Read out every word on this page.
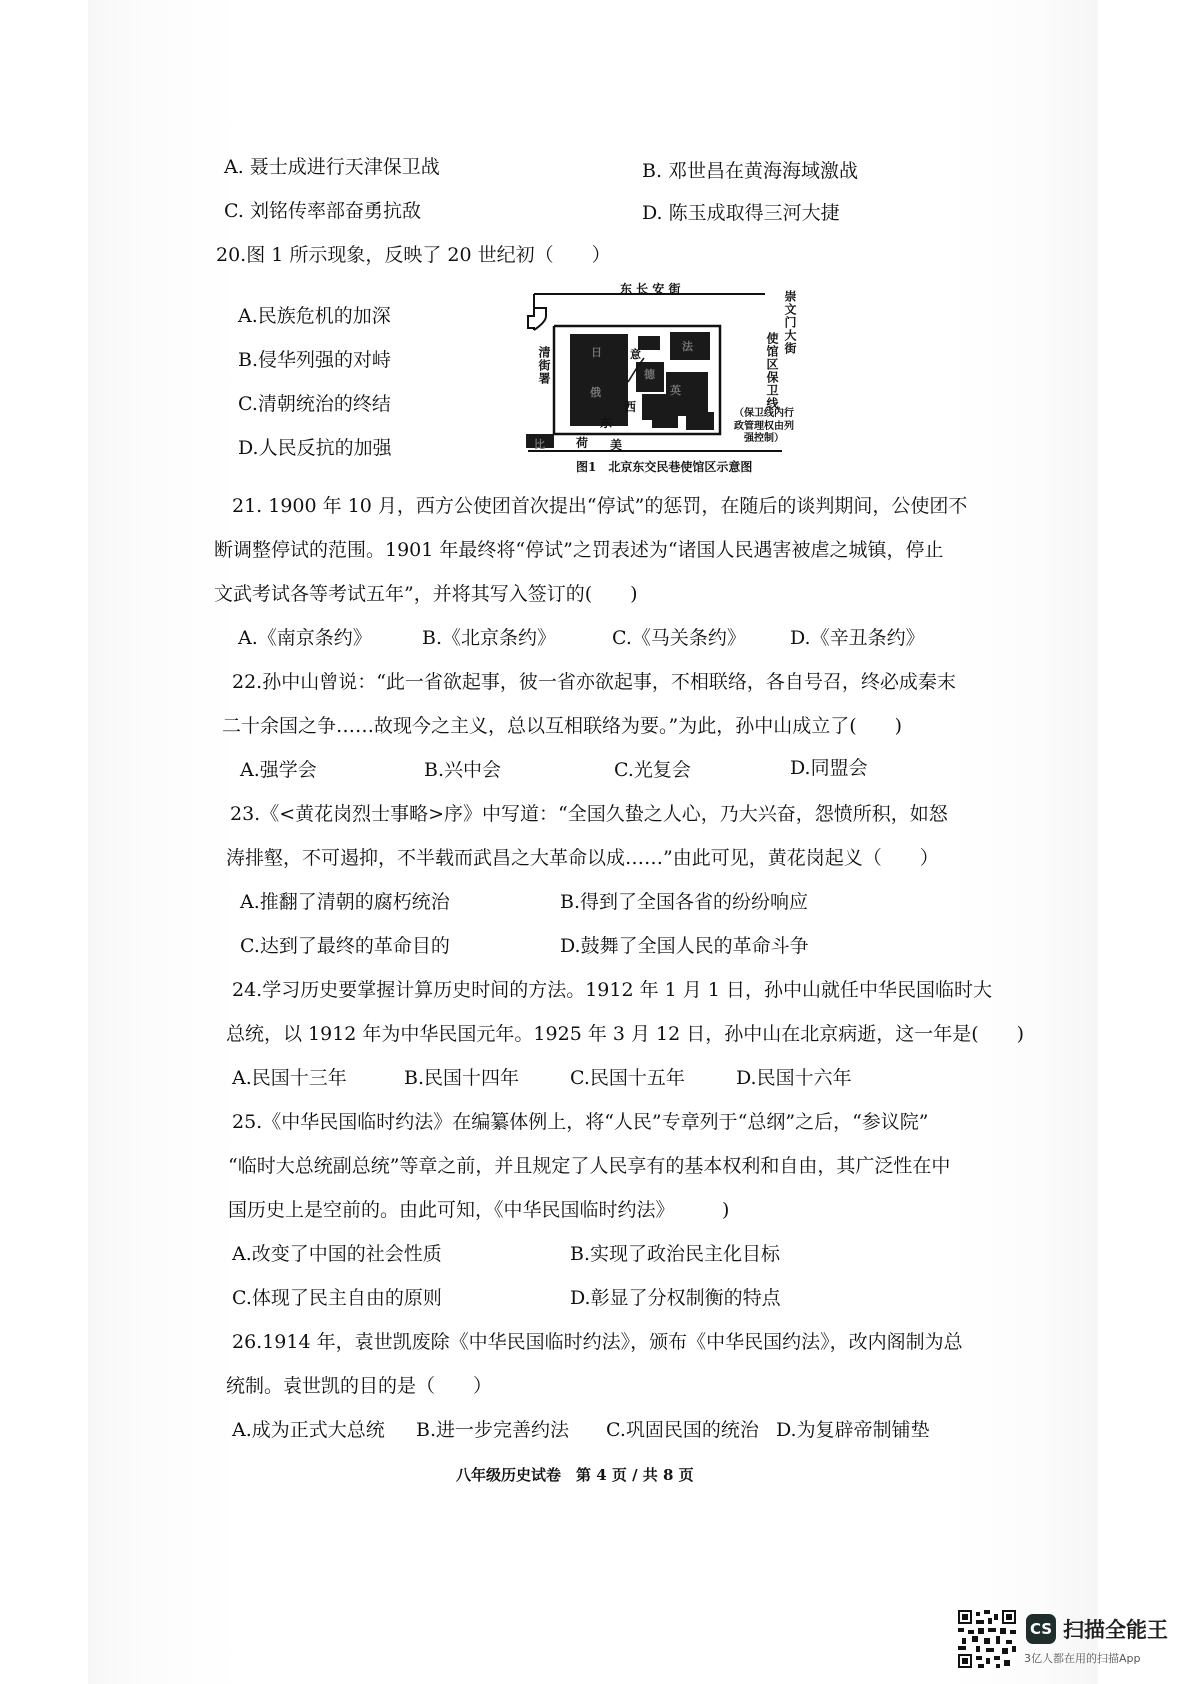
A. 聂士成进行天津保卫战	B. 邓世昌在黄海海域激战
C. 刘铭传率部奋勇抗敌	D. 陈玉成取得三河大捷
20.图 1 所示现象，反映了 20 世纪初（　　）
A.民族危机的加深
B.侵华列强的对峙
C.清朝统治的终结
D.人民反抗的加强
东 长 安 街
崇文门大街
使馆区保卫线
清街署	意
日
德
法
西
东
荷 美
英
俄
比
（保卫线内行政管理权由列强控制）
图1　北京东交民巷使馆区示意图
21. 1900 年 10 月，西方公使团首次提出“停试”的惩罚，在随后的谈判期间，公使团不
断调整停试的范围。1901 年最终将“停试”之罚表述为“诸国人民遇害被虐之城镇，停止
文武考试各等考试五年”，并将其写入签订的(　　)
A.《南京条约》	B.《北京条约》	C.《马关条约》 D.《辛丑条约》
22.孙中山曾说：“此一省欲起事，彼一省亦欲起事，不相联络，各自号召，终必成秦末
二十余国之争……故现今之主义，总以互相联络为要。”为此，孙中山成立了(　　)
A.强学会	B.兴中会	C.光复会	D.同盟会
23.《<黄花岗烈士事略>序》中写道：“全国久蛰之人心，乃大兴奋，怨愤所积，如怒
涛排壑，不可遏抑，不半载而武昌之大革命以成……”由此可见，黄花岗起义（　　）
A.推翻了清朝的腐朽统治	B.得到了全国各省的纷纷响应
C.达到了最终的革命目的	D.鼓舞了全国人民的革命斗争
24.学习历史要掌握计算历史时间的方法。1912 年 1 月 1 日，孙中山就任中华民国临时大
总统，以 1912 年为中华民国元年。1925 年 3 月 12 日，孙中山在北京病逝，这一年是(　　)
A.民国十三年	B.民国十四年	C.民国十五年	D.民国十六年
25.《中华民国临时约法》在编纂体例上，将“人民”专章列于“总纲”之后，“参议院”
“临时大总统副总统”等章之前，并且规定了人民享有的基本权利和自由，其广泛性在中
国历史上是空前的。由此可知，《中华民国临时约法》　　　)
A.改变了中国的社会性质	B.实现了政治民主化目标
C.体现了民主自由的原则	D.彰显了分权制衡的特点
26.1914 年，袁世凯废除《中华民国临时约法》，颁布《中华民国约法》，改内阁制为总
统制。袁世凯的目的是（　　）
A.成为正式大总统 B.进一步完善约法 C.巩固民国的统治 D.为复辟帝制铺垫
八年级历史试卷　第 4 页 / 共 8 页
CS 扫描全能王
3亿人都在用的扫描App
